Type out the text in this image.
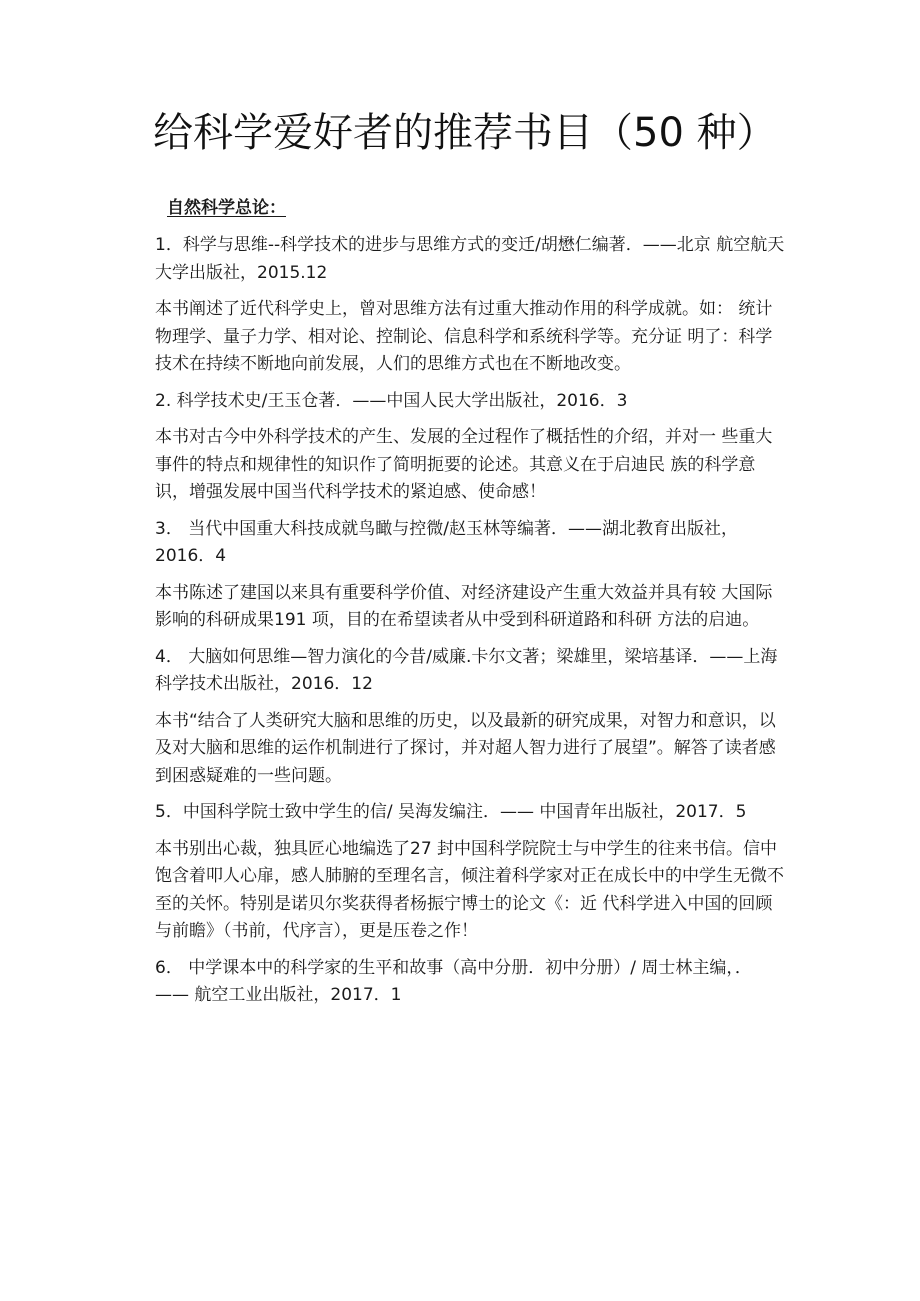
给科学爱好者的推荐书目（50 种）
自然科学总论：

1．科学与思维--科学技术的进步与思维方式的变迁/胡懋仁编著．——北京 航空航天大学出版社，2015.12

本书阐述了近代科学史上，曾对思维方法有过重大推动作用的科学成就。如： 统计物理学、量子力学、相对论、控制论、信息科学和系统科学等。充分证 明了：科学技术在持续不断地向前发展，人们的思维方式也在不断地改变。

2. 科学技术史/王玉仓著．——中国人民大学出版社，2016．3

本书对古今中外科学技术的产生、发展的全过程作了概括性的介绍，并对一 些重大事件的特点和规律性的知识作了简明扼要的论述。其意义在于启迪民 族的科学意识，增强发展中国当代科学技术的紧迫感、使命感！

3． 当代中国重大科技成就鸟瞰与控微/赵玉林等编著．——湖北教育出版社，2016．4

本书陈述了建国以来具有重要科学价值、对经济建设产生重大效益并具有较 大国际影响的科研成果191 项，目的在希望读者从中受到科研道路和科研 方法的启迪。

4． 大脑如何思维—智力演化的今昔/威廉.卡尔文著；梁雄里，梁培基译．——上海科学技术出版社，2016．12

本书“结合了人类研究大脑和思维的历史，以及最新的研究成果，对智力和意识，以及对大脑和思维的运作机制进行了探讨，并对超人智力进行了展望”。解答了读者感到困惑疑难的一些问题。

5．中国科学院士致中学生的信/ 吴海发编注．—— 中国青年出版社，2017．5

本书别出心裁，独具匠心地编选了27 封中国科学院院士与中学生的往来书信。信中饱含着叩人心扉，感人肺腑的至理名言，倾注着科学家对正在成长中的中学生无微不至的关怀。特别是诺贝尔奖获得者杨振宁博士的论文《：近 代科学进入中国的回顾与前瞻》（书前，代序言），更是压卷之作！

6． 中学课本中的科学家的生平和故事（高中分册．初中分册）/ 周士林主编，．—— 航空工业出版社，2017．1
